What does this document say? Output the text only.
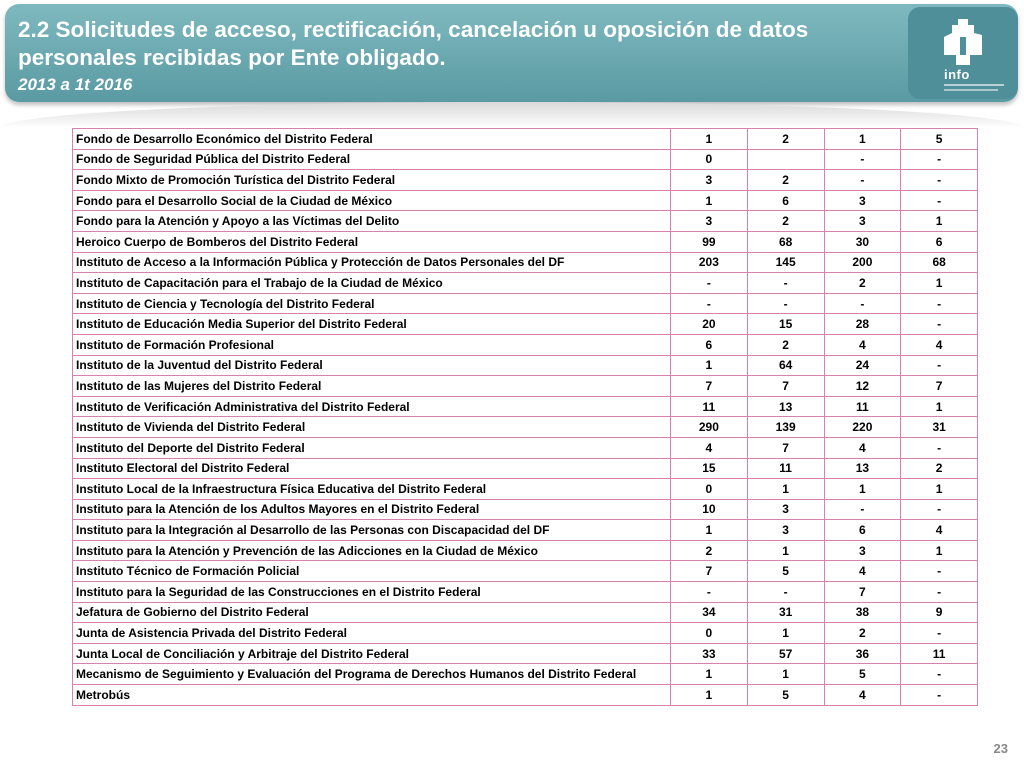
2.2 Solicitudes de acceso, rectificación, cancelación u oposición de datos personales recibidas por Ente obligado.

2013 a 1t 2016

info
Fondo de Desarrollo Económico del Distrito Federal	1	2	1	5
Fondo de Seguridad Pública del Distrito Federal	0		-	-
Fondo Mixto de Promoción Turística del Distrito Federal	3	2	-	-
Fondo para el Desarrollo Social de la Ciudad de México	1	6	3	-
Fondo para la Atención y Apoyo a las Víctimas del Delito	3	2	3	1
Heroico Cuerpo de Bomberos del Distrito Federal	99	68	30	6
Instituto de Acceso a la Información Pública y Protección de Datos Personales del DF	203	145	200	68
Instituto de Capacitación para el Trabajo de la Ciudad de México	-	-	2	1
Instituto de Ciencia y Tecnología del Distrito Federal	-	-	-	-
Instituto de Educación Media Superior del Distrito Federal	20	15	28	-
Instituto de Formación Profesional	6	2	4	4
Instituto de la Juventud del Distrito Federal	1	64	24	-
Instituto de las Mujeres del Distrito Federal	7	7	12	7
Instituto de Verificación Administrativa del Distrito Federal	11	13	11	1
Instituto de Vivienda del Distrito Federal	290	139	220	31
Instituto del Deporte del Distrito Federal	4	7	4	-
Instituto Electoral del Distrito Federal	15	11	13	2
Instituto Local de la Infraestructura Física Educativa del Distrito Federal	0	1	1	1
Instituto para la Atención de los Adultos Mayores en el Distrito Federal	10	3	-	-
Instituto para la Integración al Desarrollo de las Personas con Discapacidad del DF	1	3	6	4
Instituto para la Atención y Prevención de las Adicciones en la Ciudad de México	2	1	3	1
Instituto Técnico de Formación Policial	7	5	4	-
Instituto para la Seguridad de las Construcciones en el Distrito Federal	-	-	7	-
Jefatura de Gobierno del Distrito Federal	34	31	38	9
Junta de Asistencia Privada del Distrito Federal	0	1	2	-
Junta Local de Conciliación y Arbitraje del Distrito Federal	33	57	36	11
Mecanismo de Seguimiento y Evaluación del Programa de Derechos Humanos del Distrito Federal	1	1	5	-
Metrobús	1	5	4	-
23
